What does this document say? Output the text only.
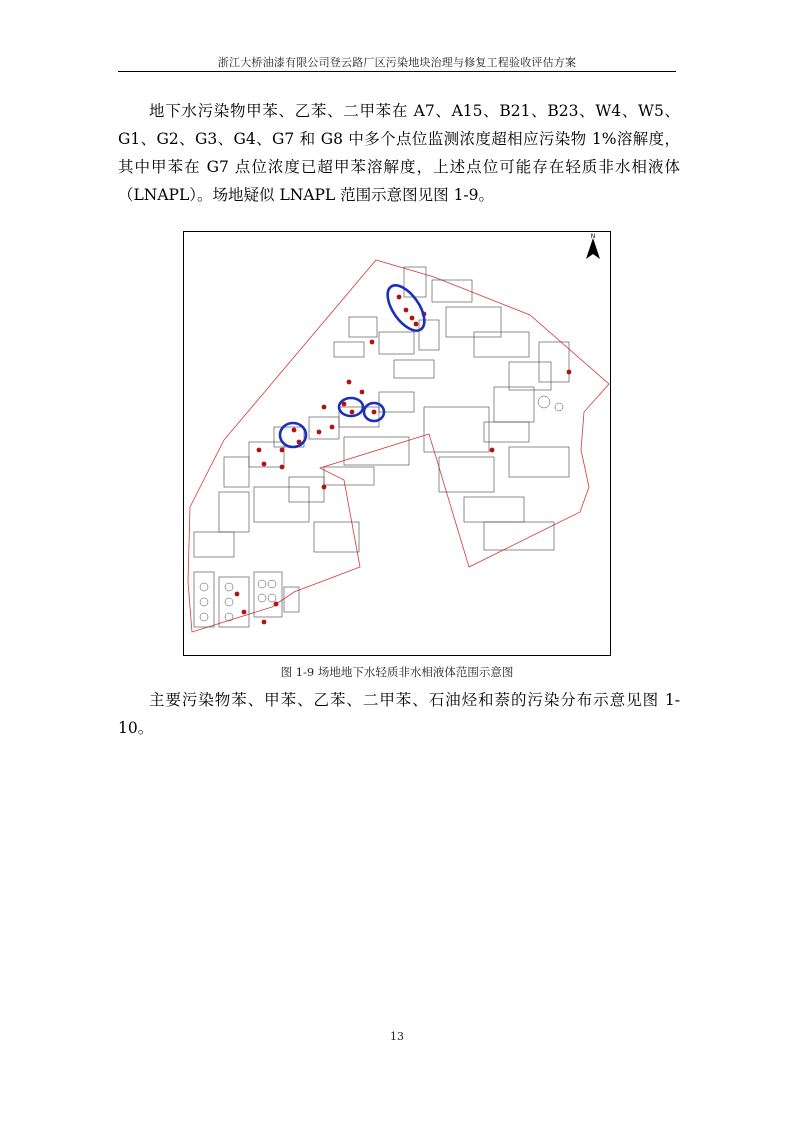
浙江大桥油漆有限公司登云路厂区污染地块治理与修复工程验收评估方案

地下水污染物甲苯、乙苯、二甲苯在 A7、A15、B21、B23、W4、W5、G1、G2、G3、G4、G7 和 G8 中多个点位监测浓度超相应污染物 1%溶解度，其中甲苯在 G7 点位浓度已超甲苯溶解度，上述点位可能存在轻质非水相液体（LNAPL）。场地疑似 LNAPL 范围示意图见图 1-9。

N
图 1-9 场地地下水轻质非水相液体范围示意图

主要污染物苯、甲苯、乙苯、二甲苯、石油烃和萘的污染分布示意见图 1-10。

13
